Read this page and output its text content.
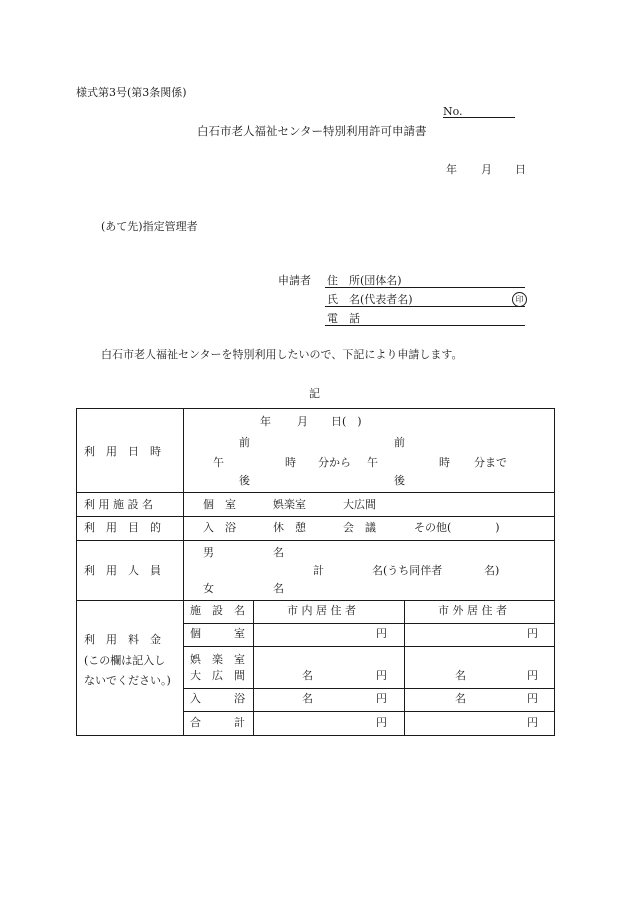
様式第3号(第3条関係)
No.
白石市老人福祉センター特別利用許可申請書
年 月 日
(あて先)指定管理者
申請者 住　所(団体名)
氏　名(代表者名)	印
電　話
白石市老人福祉センターを特別利用したいので、下記により申請します。
記
利　用　日　時
年 月 日(　)
前
午
後
時 分から
前
午
後
時 分まで
利 用 施 設 名	個　室	娯楽室	大広間
利　用　目　的	入　浴	休　憩	会　議	その他(　　　　)
利　用　人　員
男	名
計	名(うち同伴者	名)
女	名
利　用　料　金
(この欄は記入し
ないでください。)
施　設　名	市 内 居 住 者	市 外 居 住 者
個　　　室	円	円
娯　楽　室
大　広　間	名	円	名	円
入　　　浴	名	円	名	円
合　　　計	円	円
